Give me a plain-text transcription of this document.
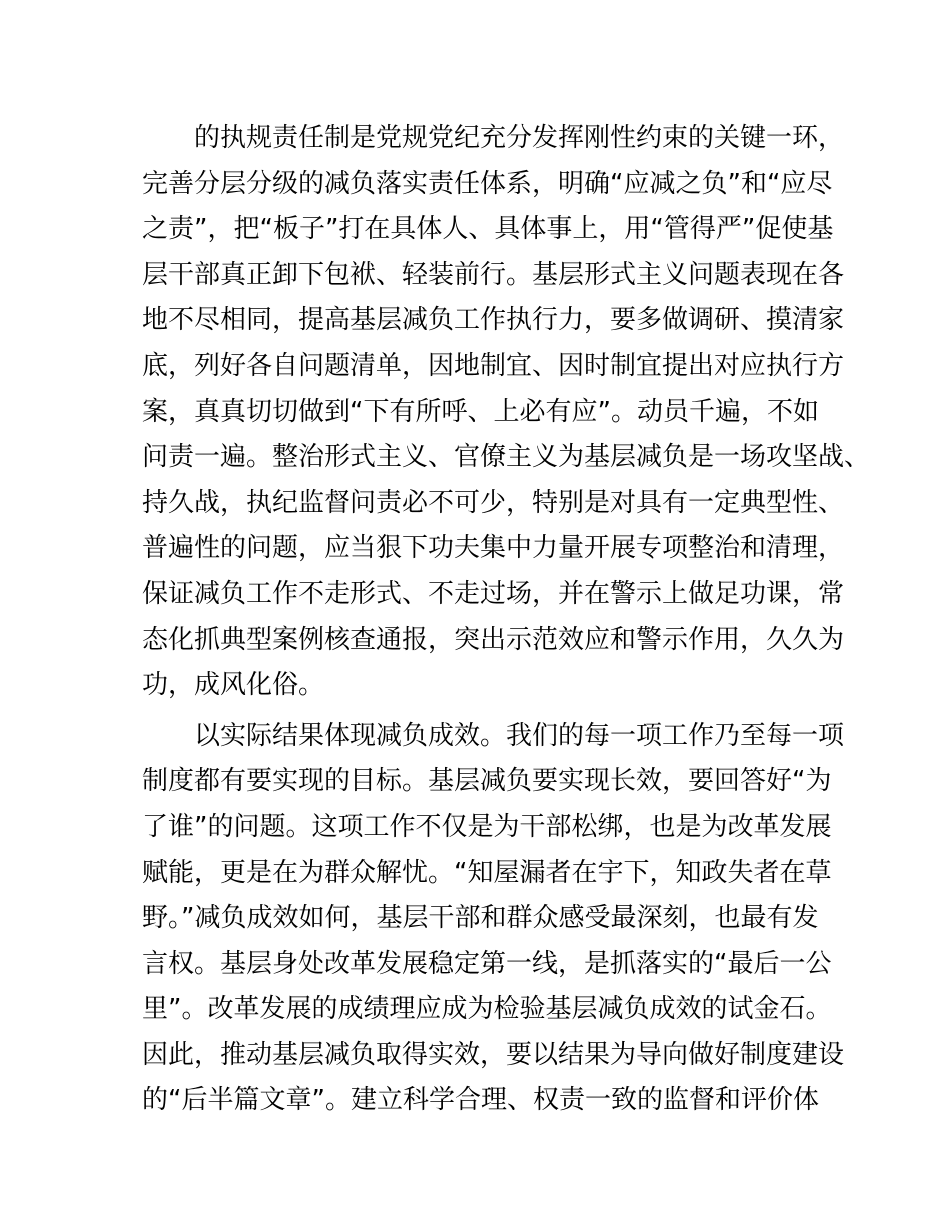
的执规责任制是党规党纪充分发挥刚性约束的关键一环，
完善分层分级的减负落实责任体系，明确“应减之负”和“应尽
之责”，把“板子”打在具体人、具体事上，用“管得严”促使基
层干部真正卸下包袱、轻装前行。基层形式主义问题表现在各
地不尽相同，提高基层减负工作执行力，要多做调研、摸清家
底，列好各自问题清单，因地制宜、因时制宜提出对应执行方
案，真真切切做到“下有所呼、上必有应”。动员千遍，不如
问责一遍。整治形式主义、官僚主义为基层减负是一场攻坚战、
持久战，执纪监督问责必不可少，特别是对具有一定典型性、
普遍性的问题，应当狠下功夫集中力量开展专项整治和清理，
保证减负工作不走形式、不走过场，并在警示上做足功课，常
态化抓典型案例核查通报，突出示范效应和警示作用，久久为
功，成风化俗。
以实际结果体现减负成效。我们的每一项工作乃至每一项
制度都有要实现的目标。基层减负要实现长效，要回答好“为
了谁”的问题。这项工作不仅是为干部松绑，也是为改革发展
赋能，更是在为群众解忧。“知屋漏者在宇下，知政失者在草
野。”减负成效如何，基层干部和群众感受最深刻，也最有发
言权。基层身处改革发展稳定第一线，是抓落实的“最后一公
里”。改革发展的成绩理应成为检验基层减负成效的试金石。
因此，推动基层减负取得实效，要以结果为导向做好制度建设
的“后半篇文章”。建立科学合理、权责一致的监督和评价体
